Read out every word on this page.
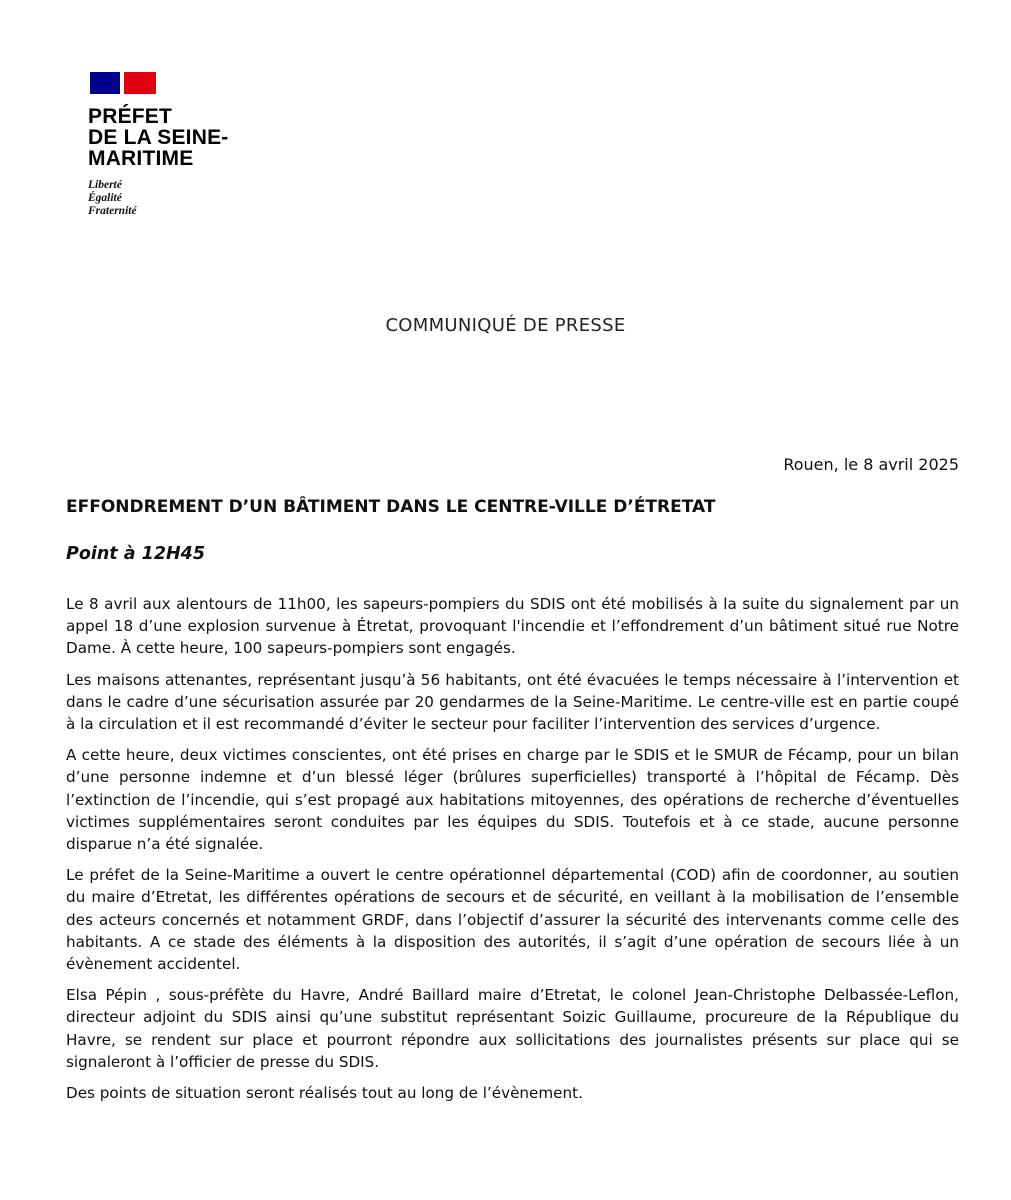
PRÉFET
DE LA SEINE-
MARITIME
Liberté
Égalité
Fraternité
COMMUNIQUÉ DE PRESSE
Rouen, le 8 avril 2025
EFFONDREMENT D’UN BÂTIMENT DANS LE CENTRE-VILLE D’ÉTRETAT
Point à 12H45

Le 8 avril aux alentours de 11h00, les sapeurs-pompiers du SDIS ont été mobilisés à la suite du signalement par un appel 18 d’une explosion survenue à Étretat, provoquant l'incendie et l’effondrement d’un bâtiment situé rue Notre Dame. À cette heure, 100 sapeurs-pompiers sont engagés.

Les maisons attenantes, représentant jusqu’à 56 habitants, ont été évacuées le temps nécessaire à l’intervention et dans le cadre d’une sécurisation assurée par 20 gendarmes de la Seine-Maritime. Le centre-ville est en partie coupé à la circulation et il est recommandé d’éviter le secteur pour faciliter l’intervention des services d’urgence.

A cette heure, deux victimes conscientes, ont été prises en charge par le SDIS et le SMUR de Fécamp, pour un bilan d’une personne indemne et d’un blessé léger (brûlures superficielles) transporté à l’hôpital de Fécamp. Dès l’extinction de l’incendie, qui s’est propagé aux habitations mitoyennes, des opérations de recherche d’éventuelles victimes supplémentaires seront conduites par les équipes du SDIS. Toutefois et à ce stade, aucune personne disparue n’a été signalée.

Le préfet de la Seine-Maritime a ouvert le centre opérationnel départemental (COD) afin de coordonner, au soutien du maire d’Etretat, les différentes opérations de secours et de sécurité, en veillant à la mobilisation de l’ensemble des acteurs concernés et notamment GRDF, dans l’objectif d’assurer la sécurité des intervenants comme celle des habitants. A ce stade des éléments à la disposition des autorités, il s’agit d’une opération de secours liée à un évènement accidentel.

Elsa Pépin , sous-préfète du Havre, André Baillard maire d’Etretat, le colonel Jean-Christophe Delbassée-Leflon, directeur adjoint du SDIS ainsi qu’une substitut représentant Soizic Guillaume, procureure de la République du Havre, se rendent sur place et pourront répondre aux sollicitations des journalistes présents sur place qui se signaleront à l’officier de presse du SDIS.

Des points de situation seront réalisés tout au long de l’évènement.
